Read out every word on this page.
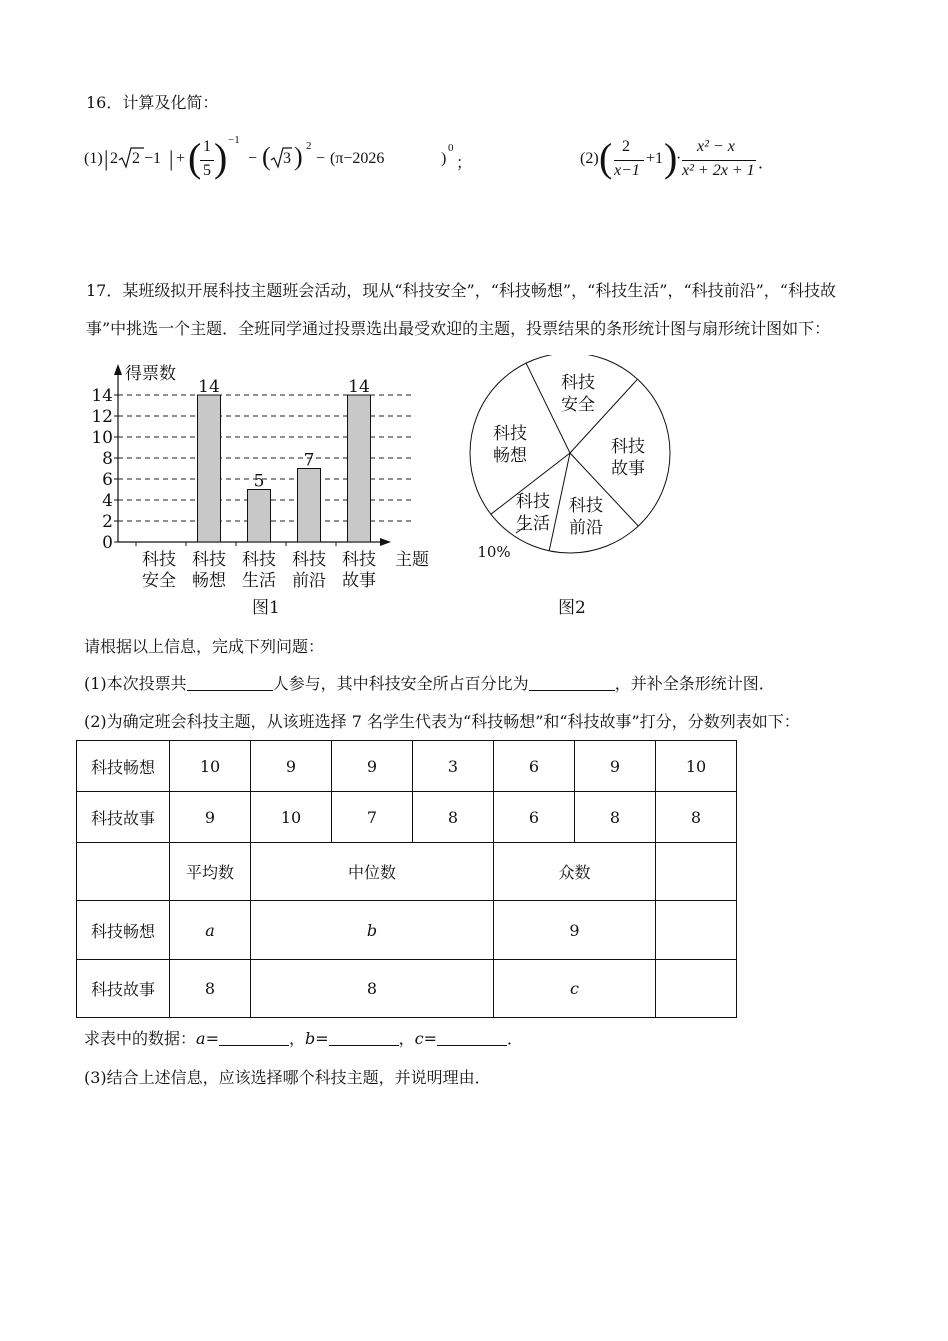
16．计算及化简：
(1) | 2 2 −1 | + ( 1
5 ) −1
− ( 3 ) 2
− (π−2026	)
0
；	(2) ( 2
x−1
+1 )
·
x² − x
x² + 2x + 1 ．
17．某班级拟开展科技主题班会活动，现从“科技安全”，“科技畅想”，“科技生活”，“科技前沿”，“科技故
事”中挑选一个主题．全班同学通过投票选出最受欢迎的主题，投票结果的条形统计图与扇形统计图如下：
0
2
4
6
8
10
12
14
得票数
主题
科技
安全
14
科技
畅想
5
科技
生活
7
科技
前沿
14
科技
故事
科技
安全
科技
畅想	科技
故事
科技
前沿
科技
生活
10%
图1	图2
请根据以上信息，完成下列问题：
(1)本次投票共	人参与，其中科技安全所占百分比为	，并补全条形统计图．
(2)为确定班会科技主题，从该班选择 7 名学生代表为“科技畅想”和“科技故事”打分，分数列表如下：
科技畅想	10	9	9	3	6	9	10
科技故事	9	10	7	8	6	8	8
	平均数	中位数			众数		
科技畅想	a	b			9		
科技故事	8	8			c		
求表中的数据：a=	，b=	，c=	．
(3)结合上述信息，应该选择哪个科技主题，并说明理由．
